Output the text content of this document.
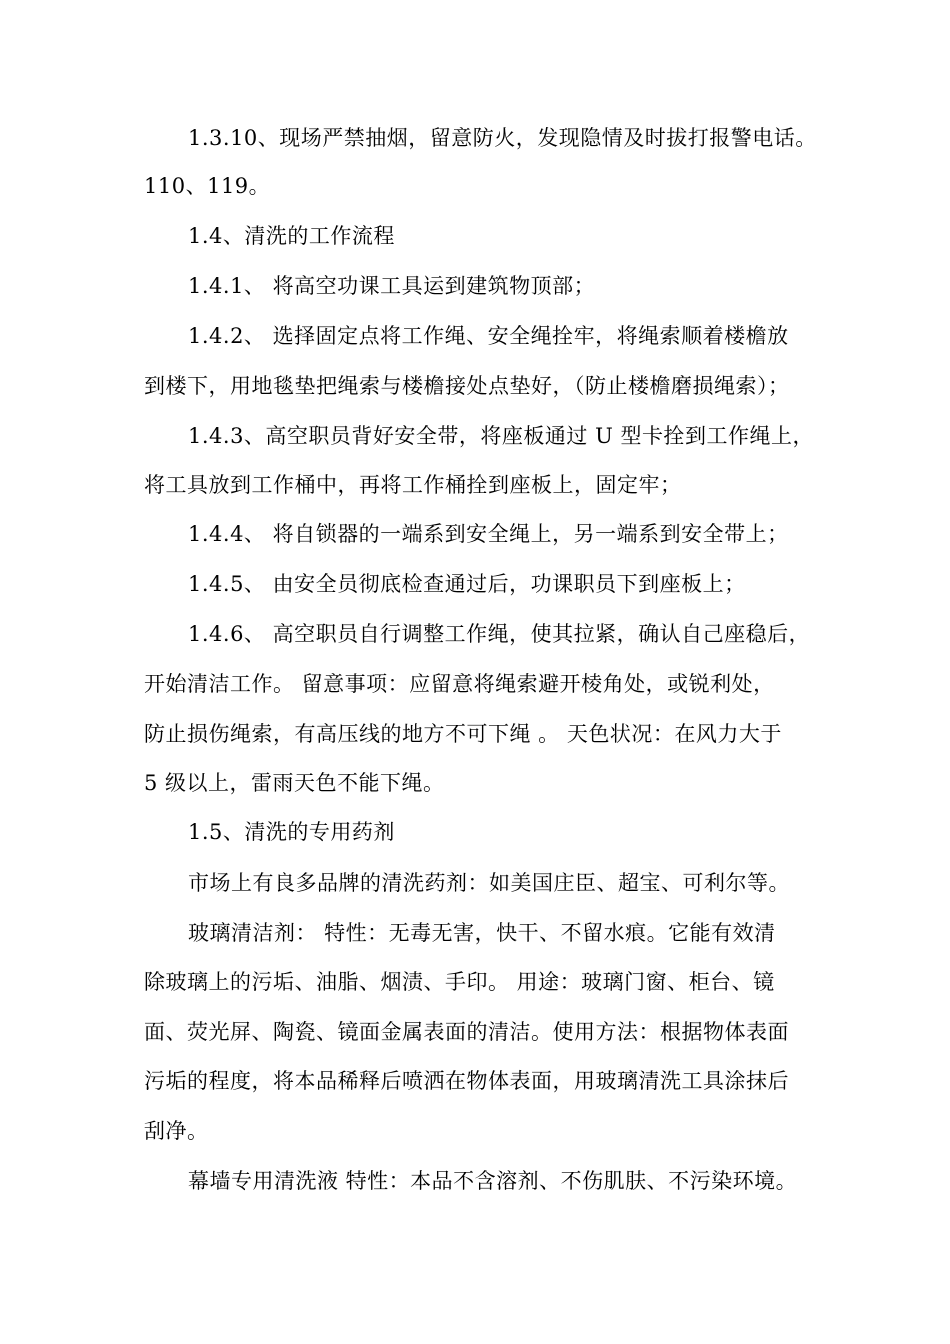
1.3.10、现场严禁抽烟，留意防火，发现隐情及时拔打报警电话。
110、119。
1.4、清洗的工作流程
1.4.1、 将高空功课工具运到建筑物顶部；
1.4.2、 选择固定点将工作绳、安全绳拴牢，将绳索顺着楼檐放
到楼下，用地毯垫把绳索与楼檐接处点垫好，（防止楼檐磨损绳索）；
1.4.3、高空职员背好安全带，将座板通过 U 型卡拴到工作绳上，
将工具放到工作桶中，再将工作桶拴到座板上，固定牢；
1.4.4、 将自锁器的一端系到安全绳上，另一端系到安全带上；
1.4.5、 由安全员彻底检查通过后，功课职员下到座板上；
1.4.6、 高空职员自行调整工作绳，使其拉紧，确认自己座稳后，
开始清洁工作。 留意事项：应留意将绳索避开棱角处，或锐利处，
防止损伤绳索，有高压线的地方不可下绳 。 天色状况：在风力大于
5 级以上，雷雨天色不能下绳。
1.5、清洗的专用药剂
市场上有良多品牌的清洗药剂：如美国庄臣、超宝、可利尔等。
玻璃清洁剂： 特性：无毒无害，快干、不留水痕。它能有效清
除玻璃上的污垢、油脂、烟渍、手印。 用途：玻璃门窗、柜台、镜
面、荧光屏、陶瓷、镜面金属表面的清洁。使用方法：根据物体表面
污垢的程度，将本品稀释后喷洒在物体表面，用玻璃清洗工具涂抹后
刮净。
幕墙专用清洗液 特性：本品不含溶剂、不伤肌肤、不污染环境。
